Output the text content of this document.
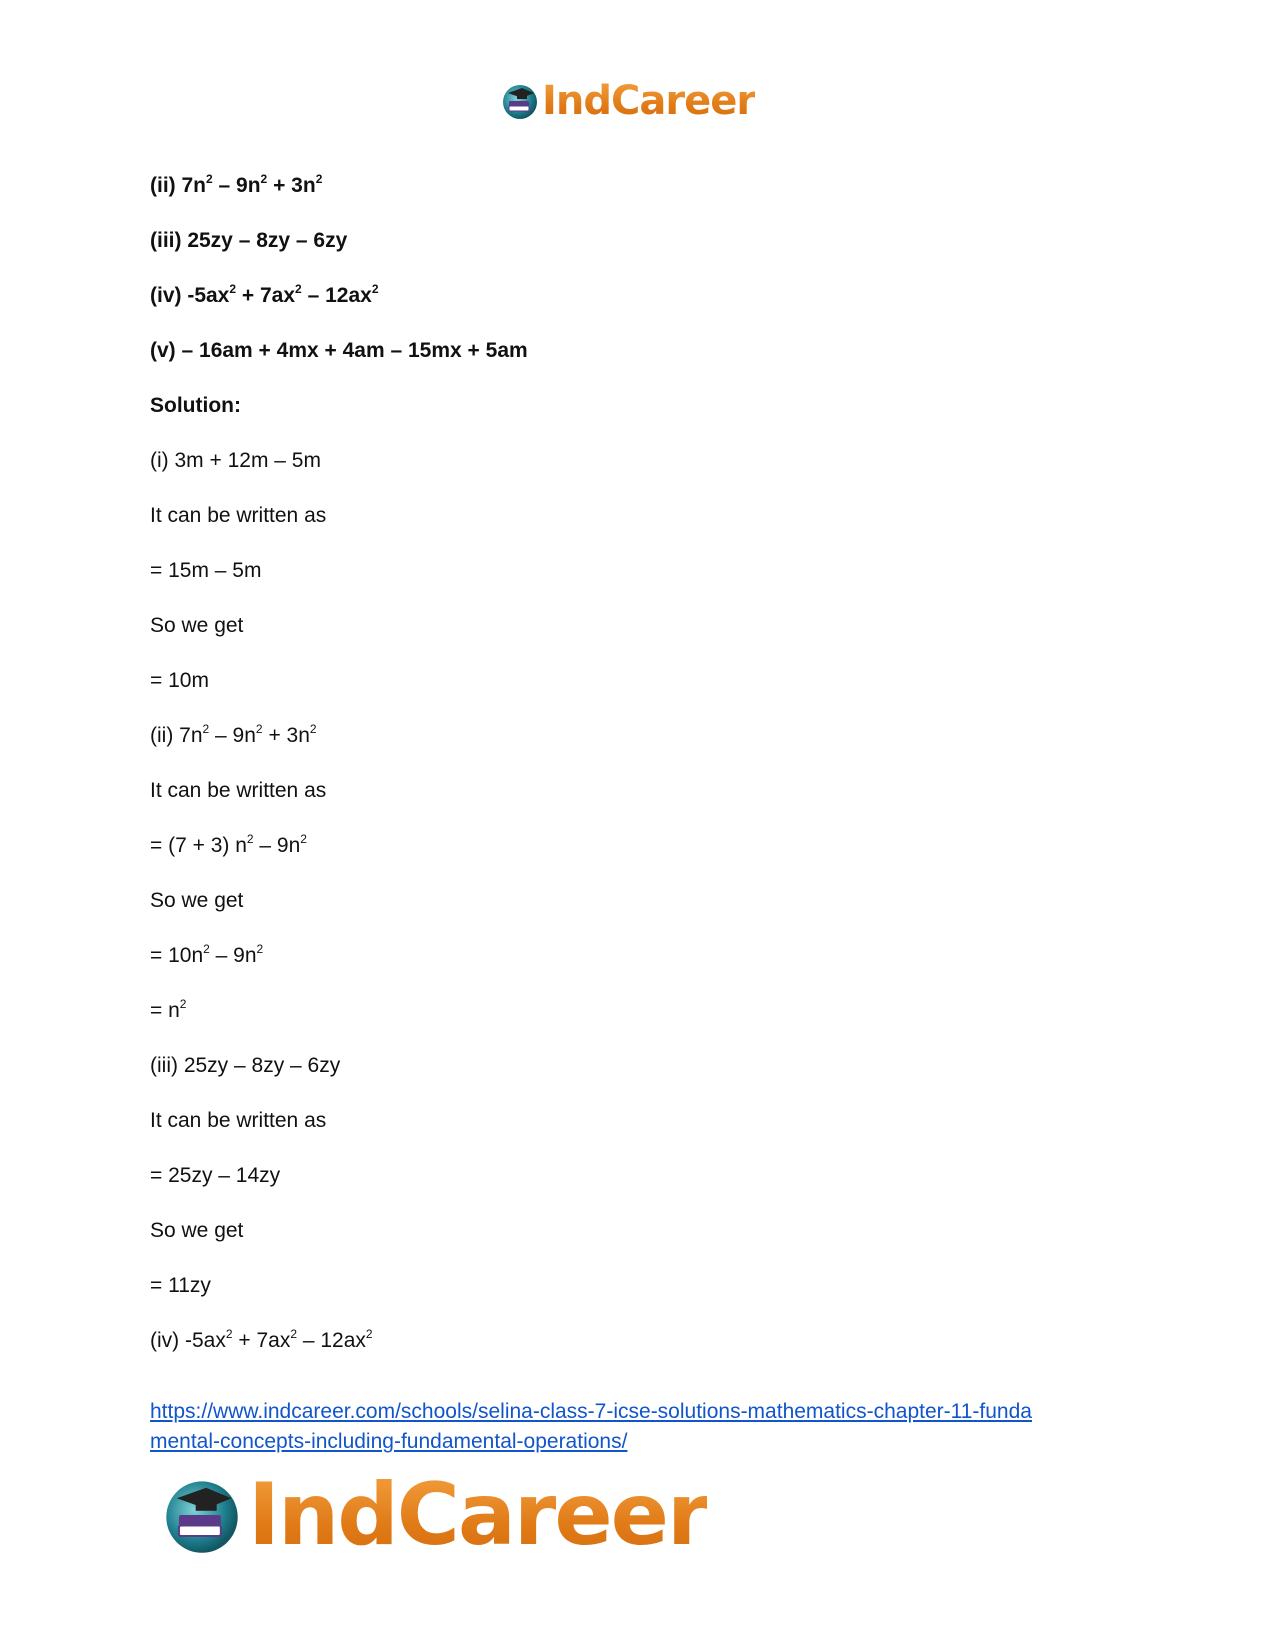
IndCareer
(ii) $7n^2 - 9n^2 + 3n^2$
(iii) 25zy – 8zy – 6zy
(iv) $-5ax^2 + 7ax^2 - 12ax^2$
(v) – 16am + 4mx + 4am – 15mx + 5am
Solution:
(i) 3m + 12m – 5m
It can be written as
= 15m – 5m
So we get
= 10m
(ii) $7n^2 - 9n^2 + 3n^2$
It can be written as
= (7 + 3) $n^2 - 9n^2$
So we get
= $10n^2 - 9n^2$
= $n^2$
(iii) 25zy – 8zy – 6zy
It can be written as
= 25zy – 14zy
So we get
= 11zy
(iv) $-5ax^2 + 7ax^2 - 12ax^2$
https://www.indcareer.com/schools/selina-class-7-icse-solutions-mathematics-chapter-11-funda
mental-concepts-including-fundamental-operations/
IndCareer
